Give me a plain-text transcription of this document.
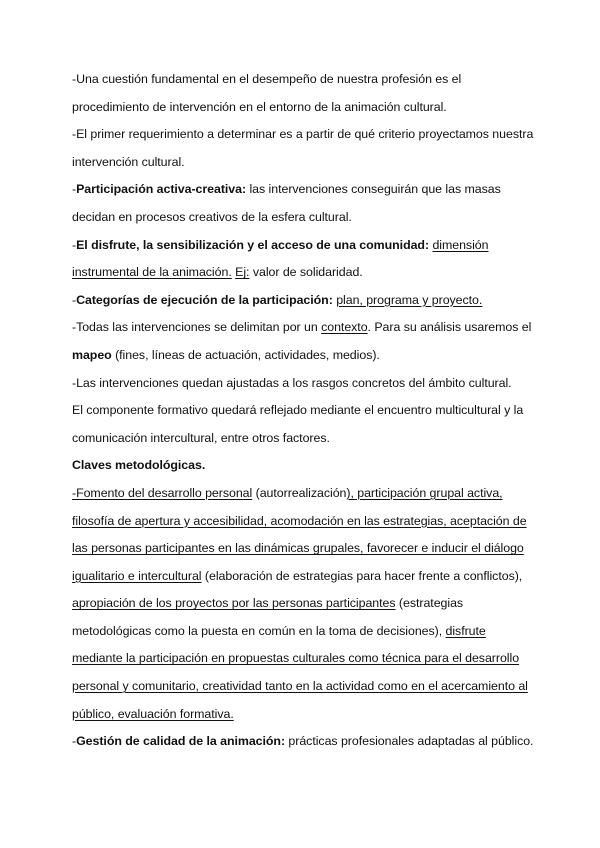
-Una cuestión fundamental en el desempeño de nuestra profesión es el
procedimiento de intervención en el entorno de la animación cultural.
-El primer requerimiento a determinar es a partir de qué criterio proyectamos nuestra
intervención cultural.
-Participación activa-creativa: las intervenciones conseguirán que las masas
decidan en procesos creativos de la esfera cultural.
-El disfrute, la sensibilización y el acceso de una comunidad: dimensión
instrumental de la animación. Ej: valor de solidaridad.
-Categorías de ejecución de la participación: plan, programa y proyecto.
-Todas las intervenciones se delimitan por un contexto. Para su análisis usaremos el
mapeo (fines, líneas de actuación, actividades, medios).
-Las intervenciones quedan ajustadas a los rasgos concretos del ámbito cultural.
El componente formativo quedará reflejado mediante el encuentro multicultural y la
comunicación intercultural, entre otros factores.
Claves metodológicas.
-Fomento del desarrollo personal (autorrealización), participación grupal activa,
filosofía de apertura y accesibilidad, acomodación en las estrategias, aceptación de
las personas participantes en las dinámicas grupales, favorecer e inducir el diálogo
igualitario e intercultural (elaboración de estrategias para hacer frente a conflictos),
apropiación de los proyectos por las personas participantes (estrategias
metodológicas como la puesta en común en la toma de decisiones), disfrute
mediante la participación en propuestas culturales como técnica para el desarrollo
personal y comunitario, creatividad tanto en la actividad como en el acercamiento al
público, evaluación formativa.
-Gestión de calidad de la animación: prácticas profesionales adaptadas al público.
